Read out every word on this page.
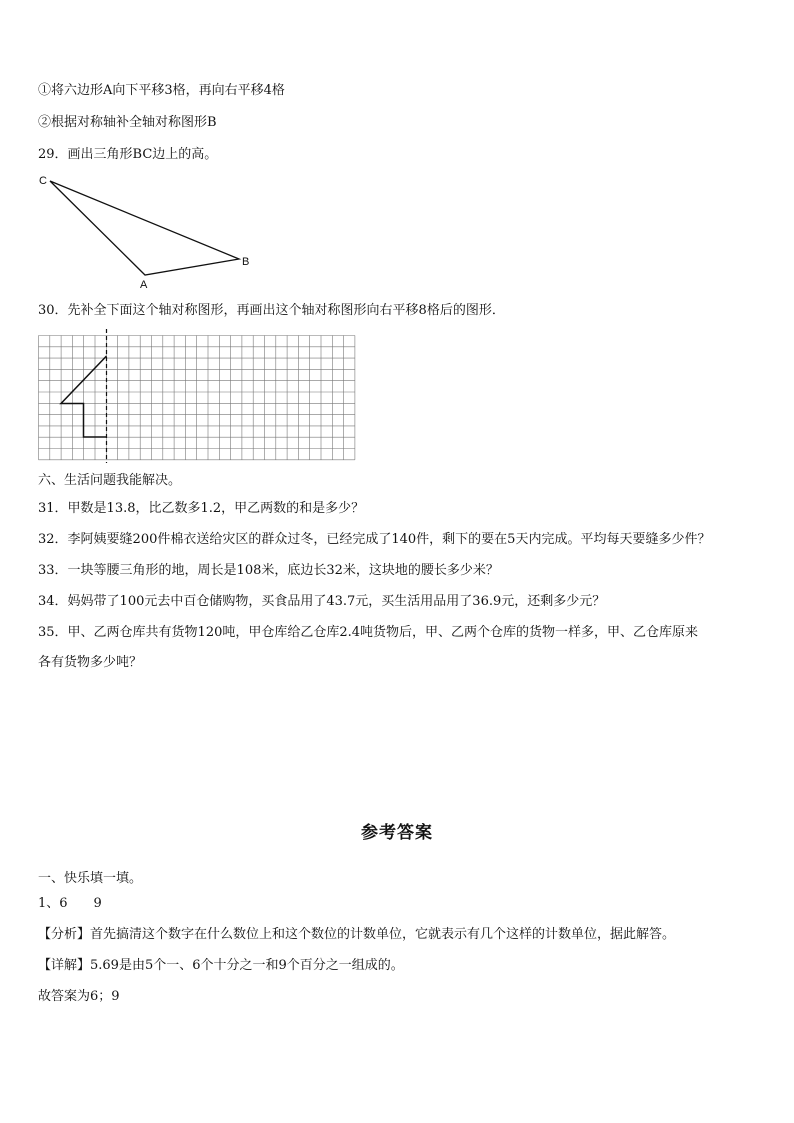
①将六边形A向下平移3格，再向右平移4格
②根据对称轴补全轴对称图形B
29．画出三角形BC边上的高。
C
A
B
30．先补全下面这个轴对称图形，再画出这个轴对称图形向右平移8格后的图形．
六、生活问题我能解决。
31．甲数是13.8，比乙数多1.2，甲乙两数的和是多少？
32．李阿姨要缝200件棉衣送给灾区的群众过冬，已经完成了140件，剩下的要在5天内完成。平均每天要缝多少件？
33．一块等腰三角形的地，周长是108米，底边长32米，这块地的腰长多少米？
34．妈妈带了100元去中百仓储购物，买食品用了43.7元，买生活用品用了36.9元，还剩多少元？
35．甲、乙两仓库共有货物120吨，甲仓库给乙仓库2.4吨货物后，甲、乙两个仓库的货物一样多，甲、乙仓库原来
各有货物多少吨？
参考答案
一、快乐填一填。
1、6　　9
【分析】首先搞清这个数字在什么数位上和这个数位的计数单位，它就表示有几个这样的计数单位，据此解答。
【详解】5.69是由5个一、6个十分之一和9个百分之一组成的。
故答案为6；9
